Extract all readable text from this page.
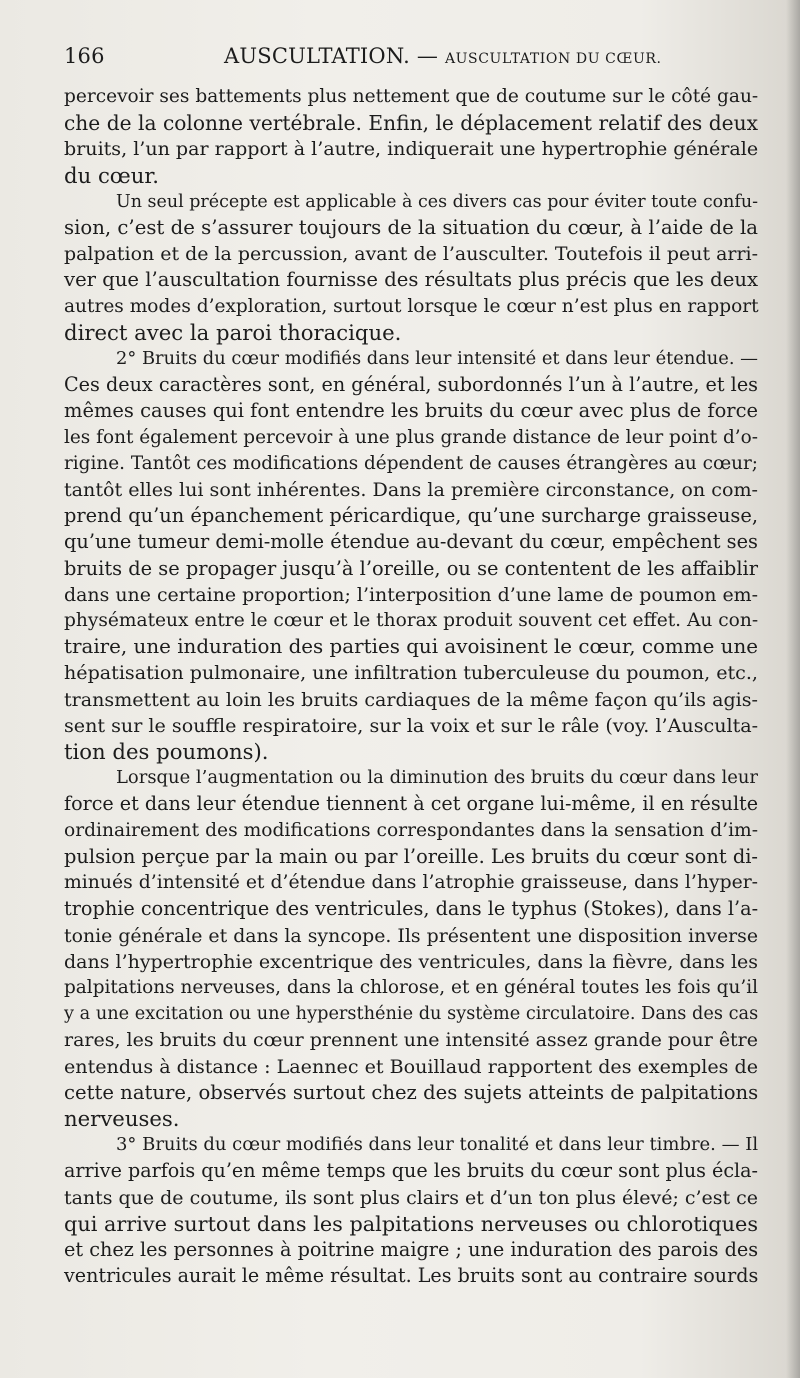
166	AUSCULTATION. — AUSCULTATION DU CŒUR.
percevoir ses battements plus nettement que de coutume sur le côté gau-
che de la colonne vertébrale. Enfin, le déplacement relatif des deux
bruits, l’un par rapport à l’autre, indiquerait une hypertrophie générale
du cœur.
Un seul précepte est applicable à ces divers cas pour éviter toute confu-
sion, c’est de s’assurer toujours de la situation du cœur, à l’aide de la
palpation et de la percussion, avant de l’ausculter. Toutefois il peut arri-
ver que l’auscultation fournisse des résultats plus précis que les deux
autres modes d’exploration, surtout lorsque le cœur n’est plus en rapport
direct avec la paroi thoracique.
2° Bruits du cœur modifiés dans leur intensité et dans leur étendue. —
Ces deux caractères sont, en général, subordonnés l’un à l’autre, et les
mêmes causes qui font entendre les bruits du cœur avec plus de force
les font également percevoir à une plus grande distance de leur point d’o-
rigine. Tantôt ces modifications dépendent de causes étrangères au cœur;
tantôt elles lui sont inhérentes. Dans la première circonstance, on com-
prend qu’un épanchement péricardique, qu’une surcharge graisseuse,
qu’une tumeur demi-molle étendue au-devant du cœur, empêchent ses
bruits de se propager jusqu’à l’oreille, ou se contentent de les affaiblir
dans une certaine proportion; l’interposition d’une lame de poumon em-
physémateux entre le cœur et le thorax produit souvent cet effet. Au con-
traire, une induration des parties qui avoisinent le cœur, comme une
hépatisation pulmonaire, une infiltration tuberculeuse du poumon, etc.,
transmettent au loin les bruits cardiaques de la même façon qu’ils agis-
sent sur le souffle respiratoire, sur la voix et sur le râle (voy. l’Ausculta-
tion des poumons).
Lorsque l’augmentation ou la diminution des bruits du cœur dans leur
force et dans leur étendue tiennent à cet organe lui-même, il en résulte
ordinairement des modifications correspondantes dans la sensation d’im-
pulsion perçue par la main ou par l’oreille. Les bruits du cœur sont di-
minués d’intensité et d’étendue dans l’atrophie graisseuse, dans l’hyper-
trophie concentrique des ventricules, dans le typhus (Stokes), dans l’a-
tonie générale et dans la syncope. Ils présentent une disposition inverse
dans l’hypertrophie excentrique des ventricules, dans la fièvre, dans les
palpitations nerveuses, dans la chlorose, et en général toutes les fois qu’il
y a une excitation ou une hypersthénie du système circulatoire. Dans des cas
rares, les bruits du cœur prennent une intensité assez grande pour être
entendus à distance : Laennec et Bouillaud rapportent des exemples de
cette nature, observés surtout chez des sujets atteints de palpitations
nerveuses.
3° Bruits du cœur modifiés dans leur tonalité et dans leur timbre. — Il
arrive parfois qu’en même temps que les bruits du cœur sont plus écla-
tants que de coutume, ils sont plus clairs et d’un ton plus élevé; c’est ce
qui arrive surtout dans les palpitations nerveuses ou chlorotiques
et chez les personnes à poitrine maigre ; une induration des parois des
ventricules aurait le même résultat. Les bruits sont au contraire sourds
